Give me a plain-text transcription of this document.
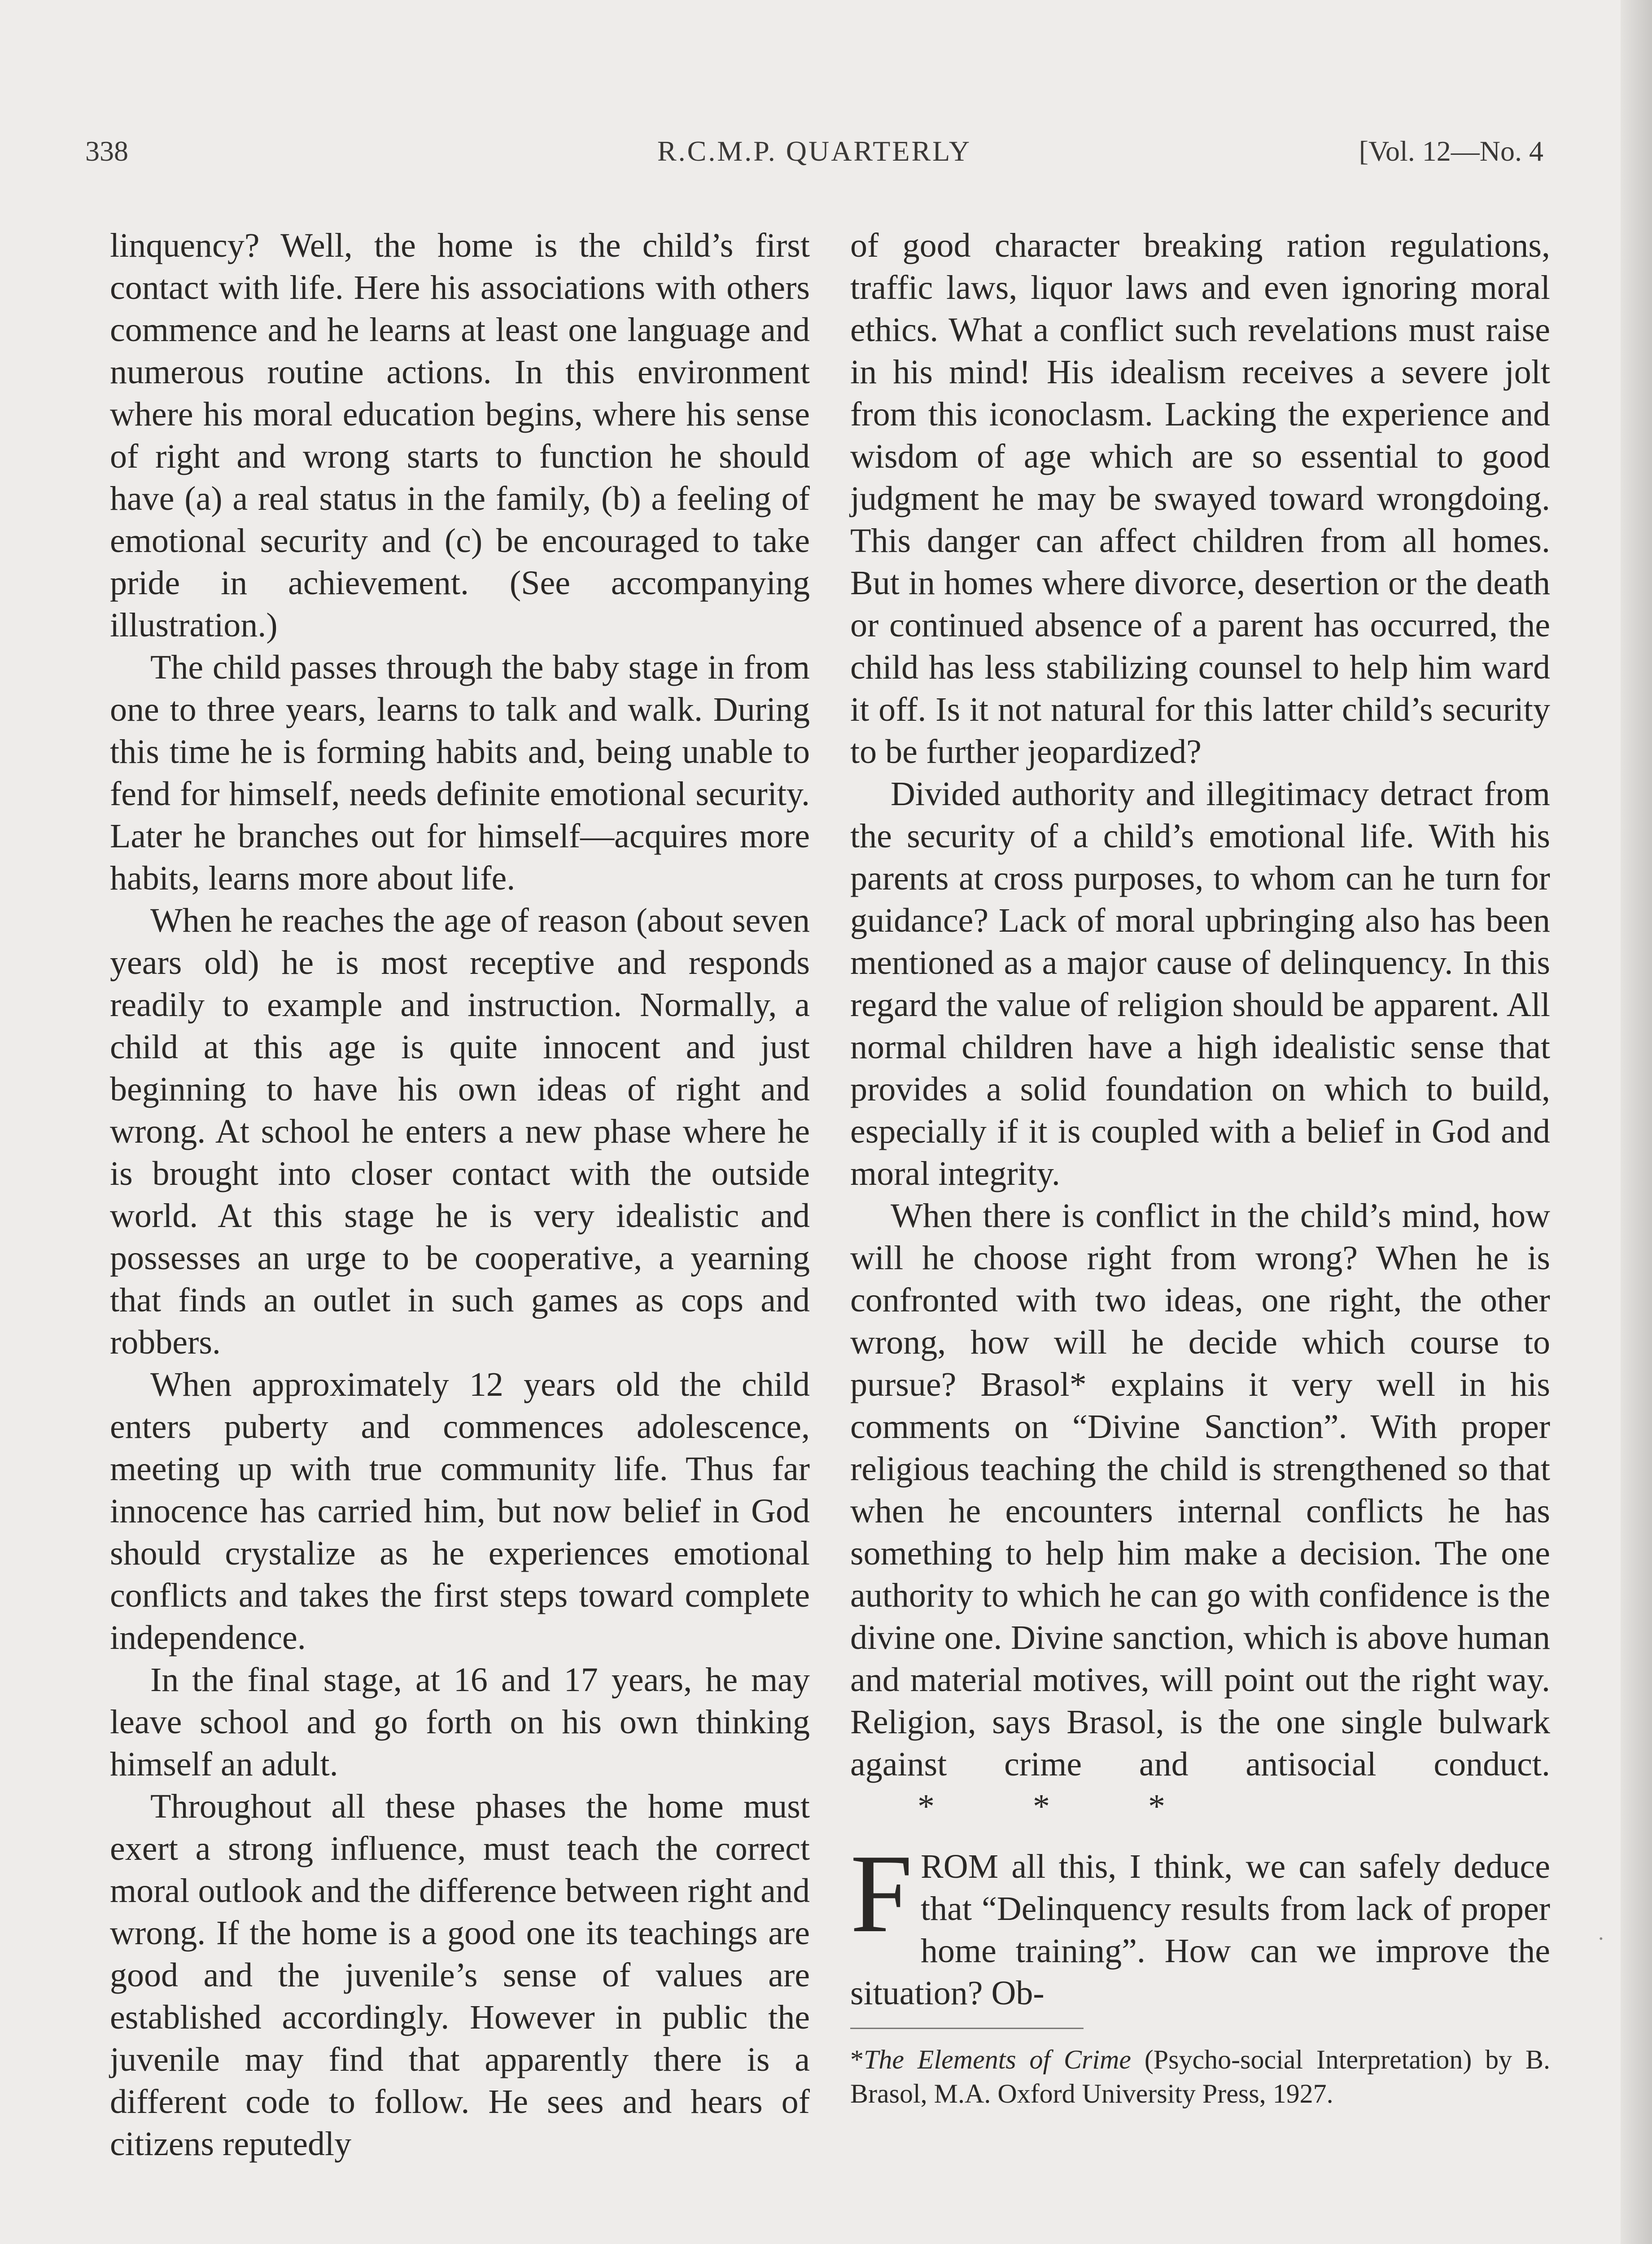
338	R.C.M.P. QUARTERLY	[Vol. 12—No. 4

linquency? Well, the home is the child’s first contact with life. Here his associations with others commence and he learns at least one language and numerous routine actions. In this environment where his moral education begins, where his sense of right and wrong starts to function he should have (a) a real status in the family, (b) a feeling of emotional security and (c) be encouraged to take pride in achievement. (See accompanying illustration.)

The child passes through the baby stage in from one to three years, learns to talk and walk. During this time he is forming habits and, being unable to fend for himself, needs definite emotional security. Later he branches out for himself—acquires more habits, learns more about life.

When he reaches the age of reason (about seven years old) he is most receptive and responds readily to example and instruction. Normally, a child at this age is quite innocent and just beginning to have his own ideas of right and wrong. At school he enters a new phase where he is brought into closer contact with the outside world. At this stage he is very idealistic and possesses an urge to be cooperative, a yearning that finds an outlet in such games as cops and robbers.

When approximately 12 years old the child enters puberty and commences adolescence, meeting up with true community life. Thus far innocence has carried him, but now belief in God should crystalize as he experiences emotional conflicts and takes the first steps toward complete independence.

In the final stage, at 16 and 17 years, he may leave school and go forth on his own thinking himself an adult.

Throughout all these phases the home must exert a strong influence, must teach the correct moral outlook and the difference between right and wrong. If the home is a good one its teachings are good and the juvenile’s sense of values are established accordingly. However in public the juvenile may find that apparently there is a different code to follow. He sees and hears of citizens reputedly

of good character breaking ration regulations, traffic laws, liquor laws and even ignoring moral ethics. What a conflict such revelations must raise in his mind! His idealism receives a severe jolt from this iconoclasm. Lacking the experience and wisdom of age which are so essential to good judgment he may be swayed toward wrongdoing. This danger can affect children from all homes. But in homes where divorce, desertion or the death or continued absence of a parent has occurred, the child has less stabilizing counsel to help him ward it off. Is it not natural for this latter child’s security to be further jeopardized?

Divided authority and illegitimacy detract from the security of a child’s emotional life. With his parents at cross purposes, to whom can he turn for guidance? Lack of moral upbringing also has been mentioned as a major cause of delinquency. In this regard the value of religion should be apparent. All normal children have a high idealistic sense that provides a solid foundation on which to build, especially if it is coupled with a belief in God and moral integrity.

When there is conflict in the child’s mind, how will he choose right from wrong? When he is confronted with two ideas, one right, the other wrong, how will he decide which course to pursue? Brasol* explains it very well in his comments on “Divine Sanction”. With proper religious teaching the child is strengthened so that when he encounters internal conflicts he has something to help him make a decision. The one authority to which he can go with confidence is the divine one. Divine sanction, which is above human and material motives, will point out the right way. Religion, says Brasol, is the one single bulwark against crime and antisocial conduct.* * *

FROM all this, I think, we can safely deduce that “Delinquency results from lack of proper home training”. How can we improve the situation? Ob-

*The Elements of Crime (Psycho-social Interpretation) by B. Brasol, M.A. Oxford University Press, 1927.

·
